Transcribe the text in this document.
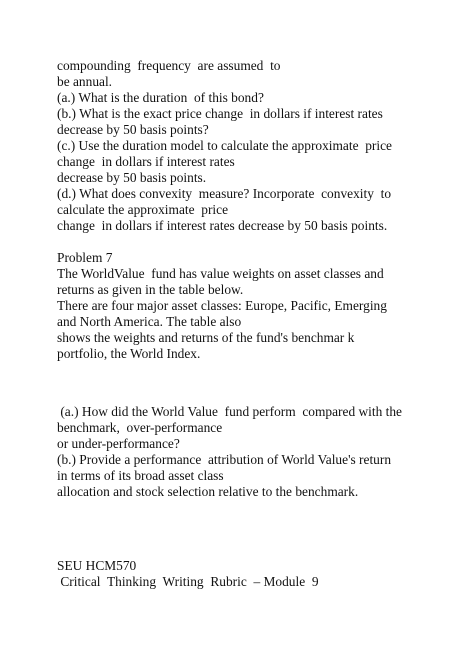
compounding  frequency  are assumed  to
be annual.
(a.) What is the duration  of this bond?
(b.) What is the exact price change  in dollars if interest rates
decrease by 50 basis points?
(c.) Use the duration model to calculate the approximate  price
change  in dollars if interest rates
decrease by 50 basis points.
(d.) What does convexity  measure? Incorporate  convexity  to
calculate the approximate  price
change  in dollars if interest rates decrease by 50 basis points.
Problem 7
The WorldValue  fund has value weights on asset classes and
returns as given in the table below.
There are four major asset classes: Europe, Pacific, Emerging
and North America. The table also
shows the weights and returns of the fund's benchmar k
portfolio, the World Index.
(a.) How did the World Value  fund perform  compared with the
benchmark,  over-performance
or under-performance?
(b.) Provide a performance  attribution of World Value's return
in terms of its broad asset class
allocation and stock selection relative to the benchmark.
SEU HCM570
Critical  Thinking  Writing  Rubric  – Module  9
